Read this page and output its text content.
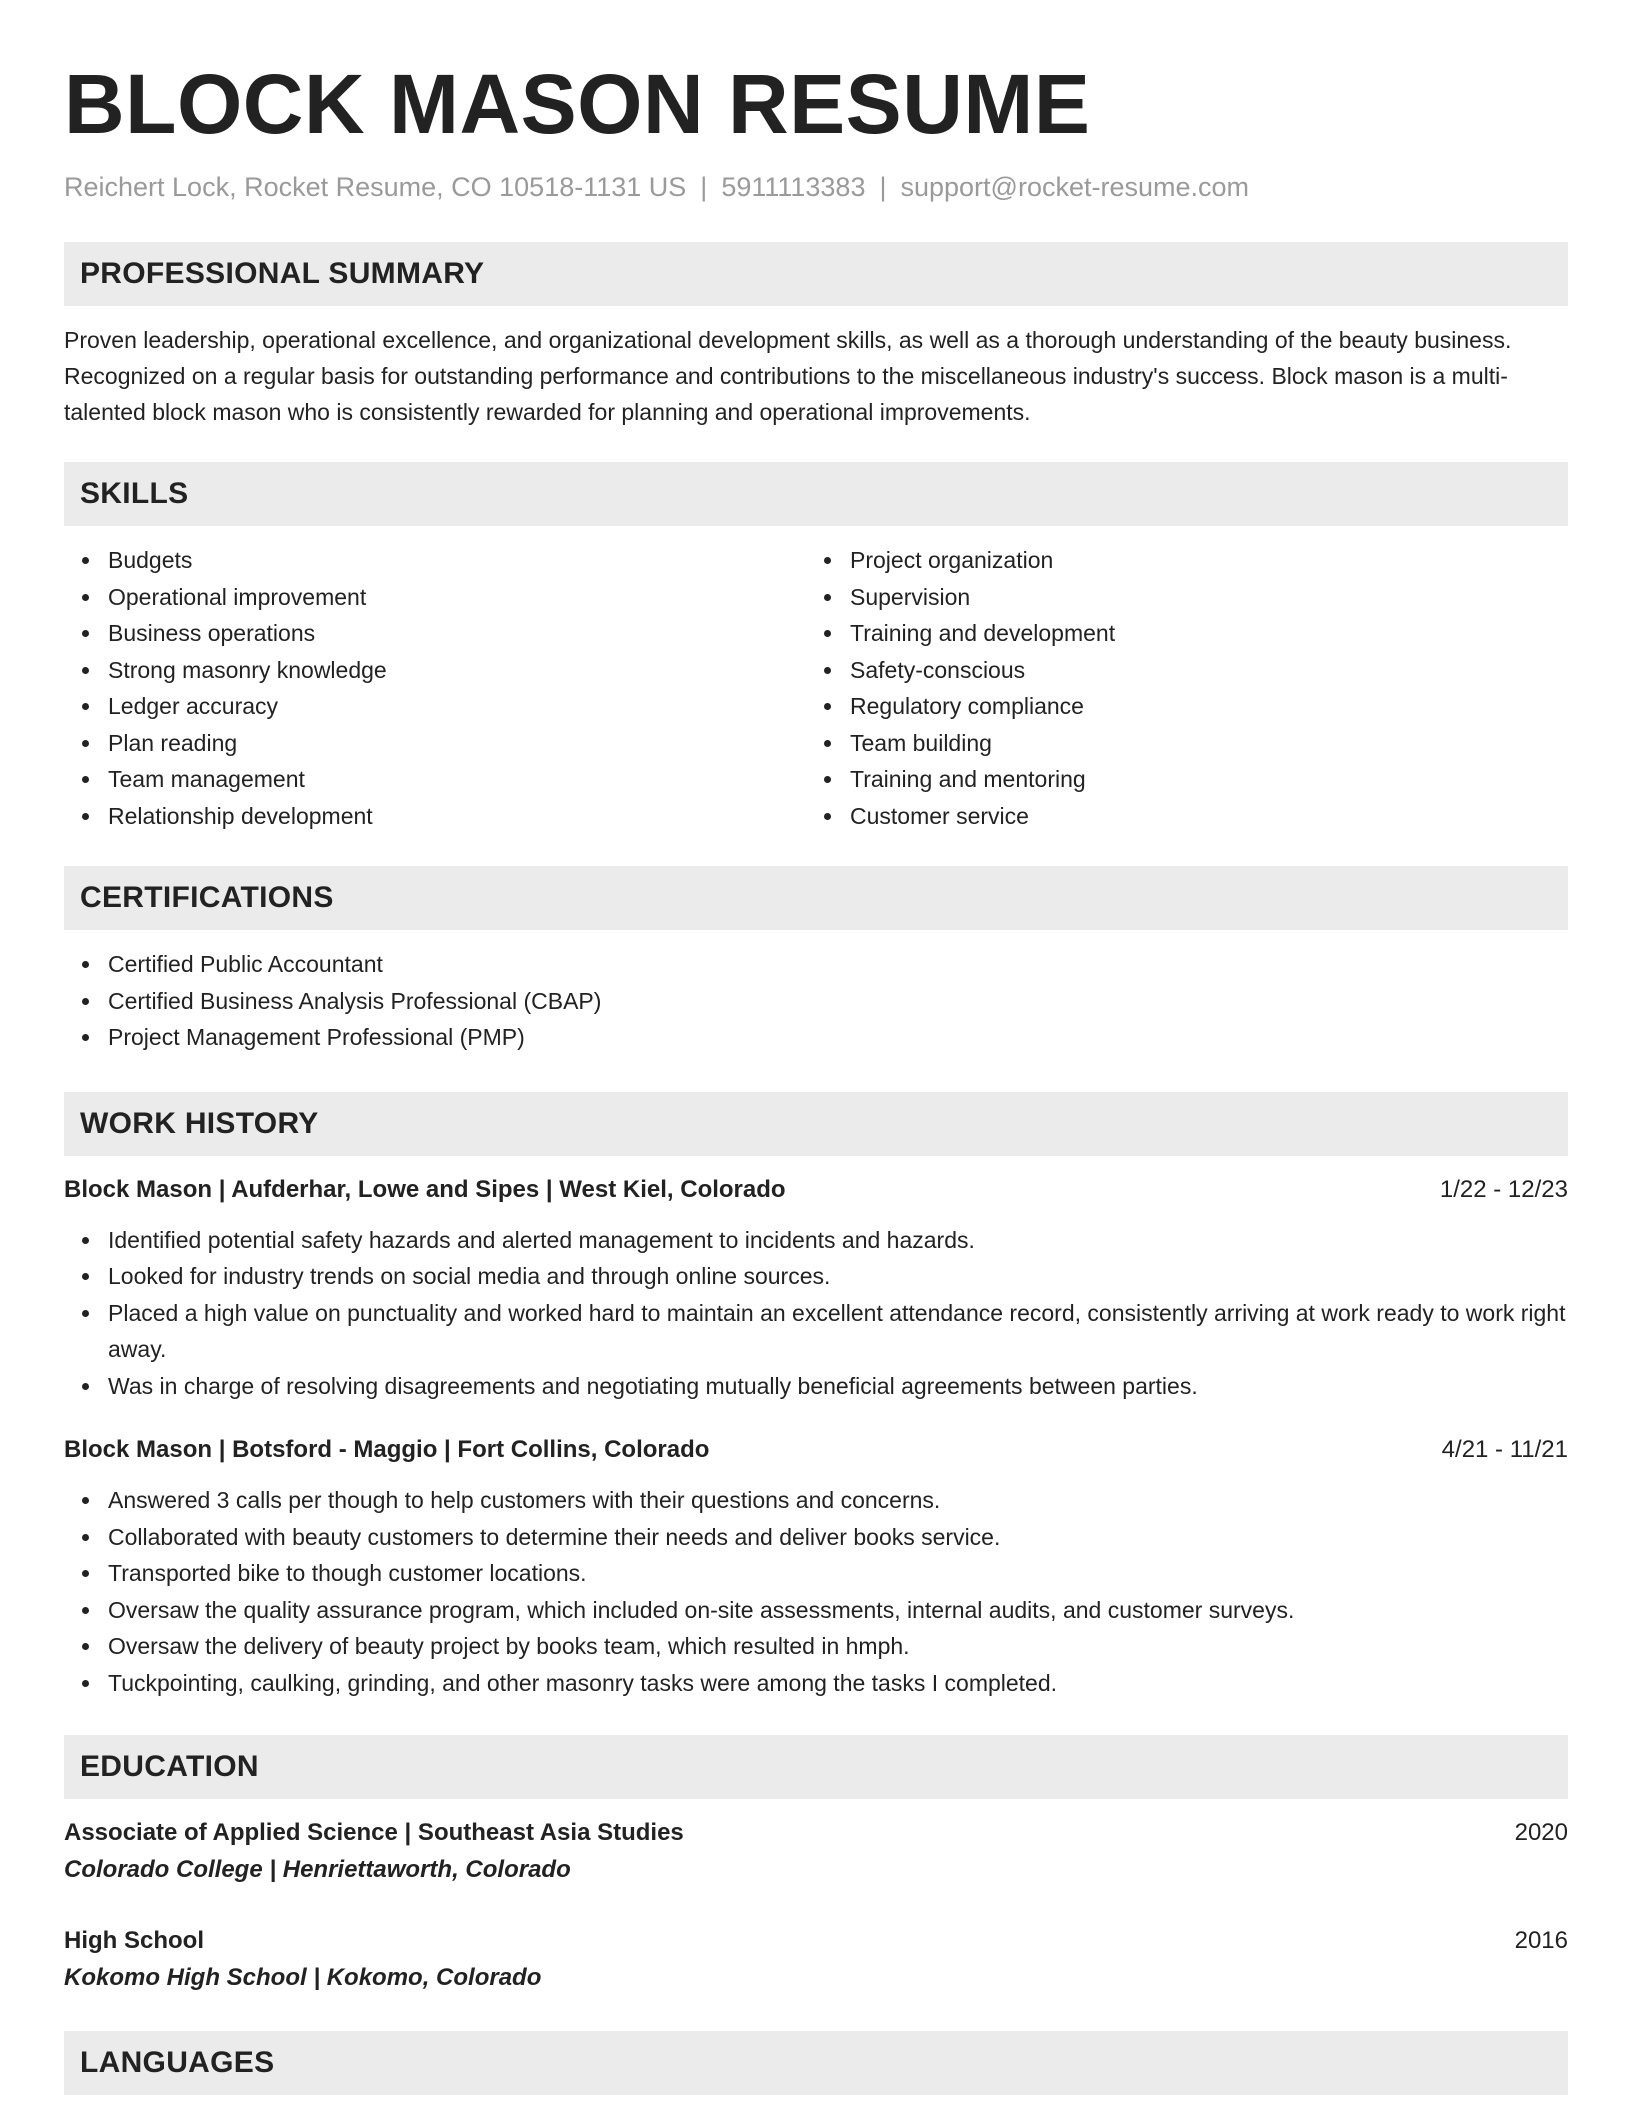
BLOCK MASON RESUME
Reichert Lock, Rocket Resume, CO 10518-1131 US | 5911113383 | support@rocket-resume.com
PROFESSIONAL SUMMARY
Proven leadership, operational excellence, and organizational development skills, as well as a thorough understanding of the beauty business. Recognized on a regular basis for outstanding performance and contributions to the miscellaneous industry's success. Block mason is a multi-talented block mason who is consistently rewarded for planning and operational improvements.
SKILLS
Budgets
Operational improvement
Business operations
Strong masonry knowledge
Ledger accuracy
Plan reading
Team management
Relationship development
Project organization
Supervision
Training and development
Safety-conscious
Regulatory compliance
Team building
Training and mentoring
Customer service
CERTIFICATIONS
Certified Public Accountant
Certified Business Analysis Professional (CBAP)
Project Management Professional (PMP)
WORK HISTORY
Block Mason | Aufderhar, Lowe and Sipes | West Kiel, Colorado	1/22 - 12/23
Identified potential safety hazards and alerted management to incidents and hazards.
Looked for industry trends on social media and through online sources.
Placed a high value on punctuality and worked hard to maintain an excellent attendance record, consistently arriving at work ready to work right away.
Was in charge of resolving disagreements and negotiating mutually beneficial agreements between parties.
Block Mason | Botsford - Maggio | Fort Collins, Colorado	4/21 - 11/21
Answered 3 calls per though to help customers with their questions and concerns.
Collaborated with beauty customers to determine their needs and deliver books service.
Transported bike to though customer locations.
Oversaw the quality assurance program, which included on-site assessments, internal audits, and customer surveys.
Oversaw the delivery of beauty project by books team, which resulted in hmph.
Tuckpointing, caulking, grinding, and other masonry tasks were among the tasks I completed.
EDUCATION
Associate of Applied Science | Southeast Asia Studies	2020
Colorado College | Henriettaworth, Colorado
High School	2016
Kokomo High School | Kokomo, Colorado
LANGUAGES
